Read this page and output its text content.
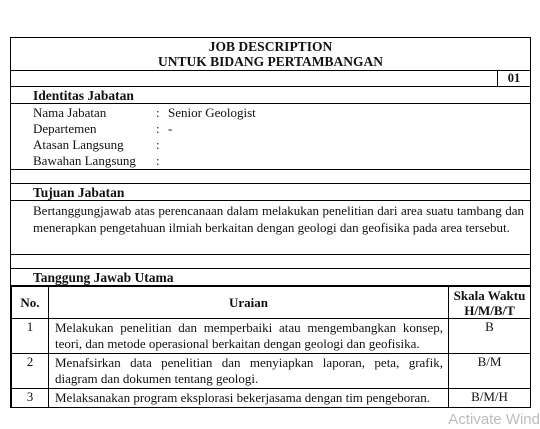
JOB DESCRIPTION
UNTUK BIDANG PERTAMBANGAN
01
Identitas Jabatan
Nama Jabatan	: Senior Geologist
Departemen	: -
Atasan Langsung	:
Bawahan Langsung	:
Tujuan Jabatan

Bertanggungjawab atas perencanaan dalam melakukan penelitian dari area suatu tambang dan menerapkan pengetahuan ilmiah berkaitan dengan geologi dan geofisika pada area tersebut.

Tanggung Jawab Utama
No.	Uraian	Skala Waktu
H/M/B/T

1	Melakukan penelitian dan memperbaiki atau mengembangkan konsep, teori, dan metode operasional berkaitan dengan geologi dan geofisika.	B
2	Menafsirkan data penelitian dan menyiapkan laporan, peta, grafik, diagram dan dokumen tentang geologi.	B/M
3	Melaksanakan program eksplorasi bekerjasama dengan tim pengeboran.	B/M/H
Activate Wind
